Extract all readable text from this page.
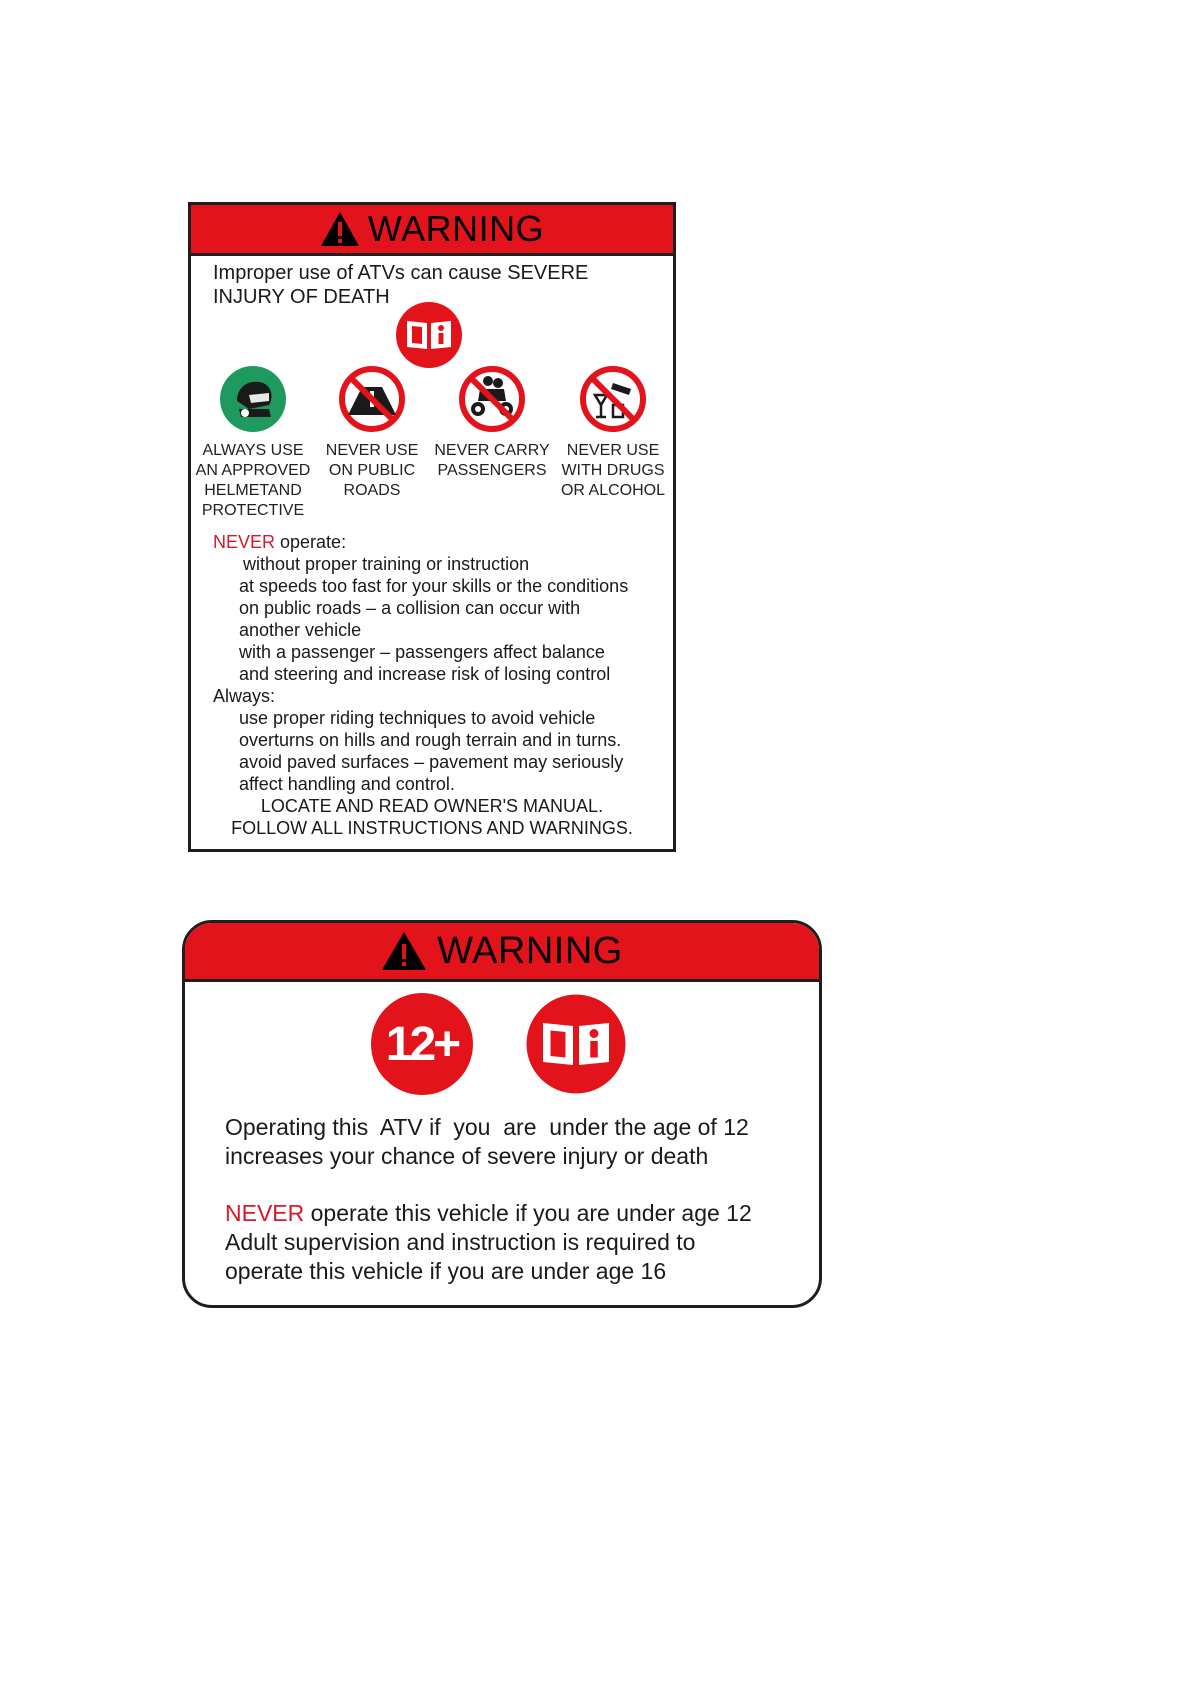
WARNING
Improper use of ATVs can cause SEVERE
INJURY OF DEATH
ALWAYS USE
AN APPROVED
HELMETAND
PROTECTIVE
NEVER USE
ON PUBLIC
ROADS
NEVER CARRY
PASSENGERS
NEVER USE
WITH DRUGS
OR ALCOHOL
NEVER operate:
without proper training or instruction
at speeds too fast for your skills or the conditions
on public roads – a collision can occur with
another vehicle
with a passenger – passengers affect balance
and steering and increase risk of losing control
Always:
use proper riding techniques to avoid vehicle
overturns on hills and rough terrain and in turns.
avoid paved surfaces – pavement may seriously
affect handling and control.
LOCATE AND READ OWNER'S MANUAL.
FOLLOW ALL INSTRUCTIONS AND WARNINGS.
WARNING
12+
Operating this  ATV if  you  are  under the age of 12
increases your chance of severe injury or death
NEVER operate this vehicle if you are under age 12
Adult supervision and instruction is required to
operate this vehicle if you are under age 16
